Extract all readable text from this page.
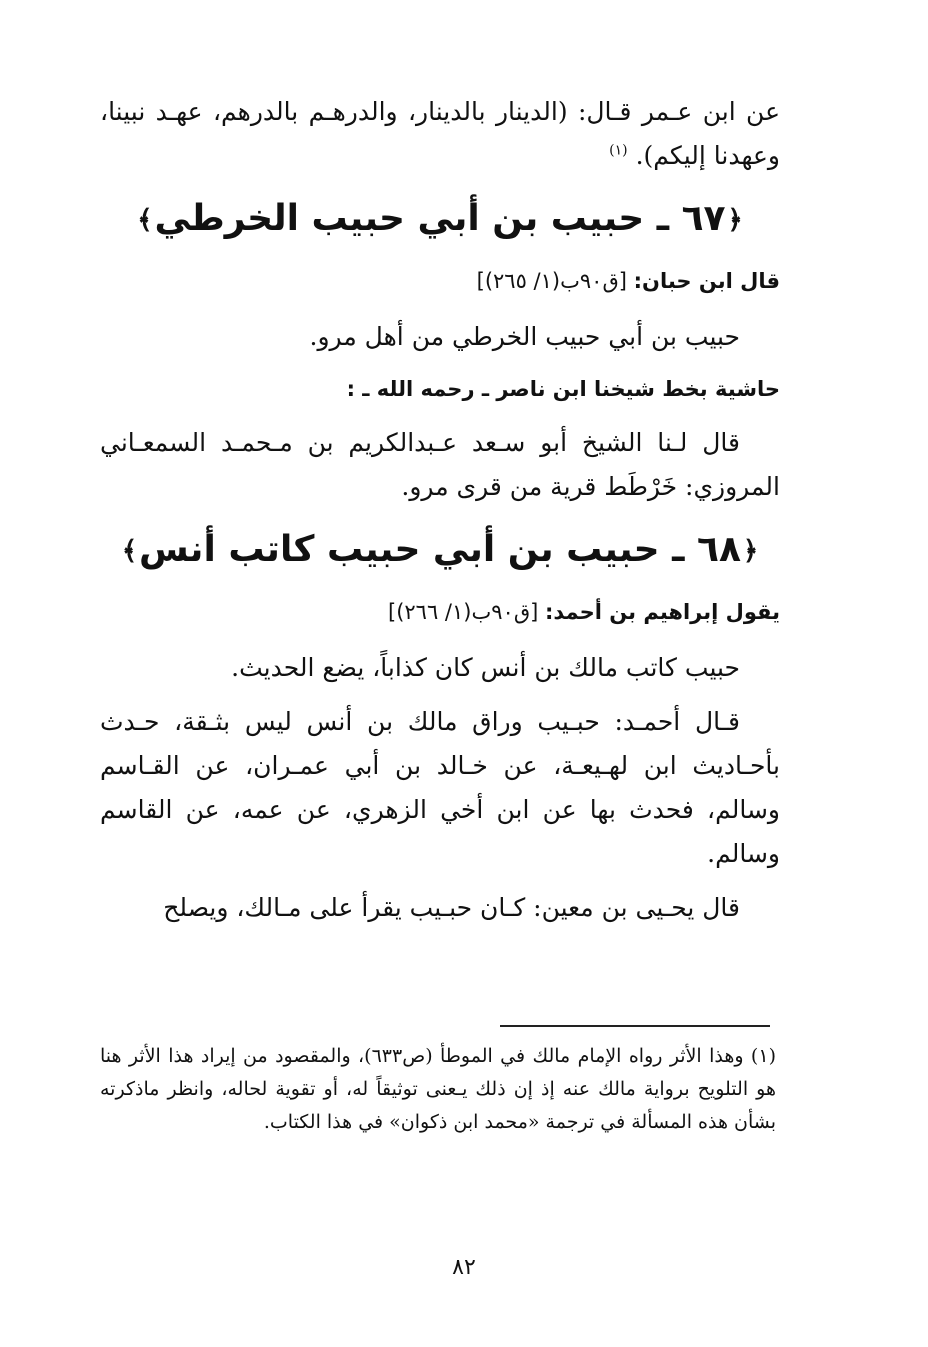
عن ابن عـمر قـال: (الدينار بالدينار، والدرهـم بالدرهم، عهـد نبينا، وعهدنا إليكم). $^{(١)}$

﴿٦٧ ـ حبيب بن أبي حبيب الخرطي﴾
قال ابن حبان: [ق٩٠ب(١/ ٢٦٥)]

حبيب بن أبي حبيب الخرطي من أهل مرو.

حاشية بخط شيخنا ابن ناصر ـ رحمه الله ـ :

قال لـنا الشيخ أبو سـعد عـبدالكريم بن مـحمـد السمعـاني المروزي: خَرْطَط قرية من قرى مرو.

﴿٦٨ ـ حبيب بن أبي حبيب كاتب أنس﴾
يقول إبراهيم بن أحمد: [ق٩٠ب(١/ ٢٦٦)]

حبيب كاتب مالك بن أنس كان كذاباً، يضع الحديث.

قـال أحمـد: حبـيب وراق مالك بن أنس ليس بثـقة، حـدث بأحـاديث ابن لهـيعـة، عن خـالد بن أبي عمـران، عن القـاسم وسالم، فحدث بها عن ابن أخي الزهري، عن عمه، عن القاسم وسالم.

قال يحـيى بن معين: كـان حبـيب يقرأ على مـالك، ويصلح

(١) وهذا الأثر رواه الإمام مالك في الموطأ (ص٦٣٣)، والمقصود من إيراد هذا الأثر هنا هو التلويح برواية مالك عنه إذ إن ذلك يـعنى توثيقاً له، أو تقوية لحاله، وانظر ماذكرته بشأن هذه المسألة في ترجمة «محمد ابن ذكوان» في هذا الكتاب.
٨٢
